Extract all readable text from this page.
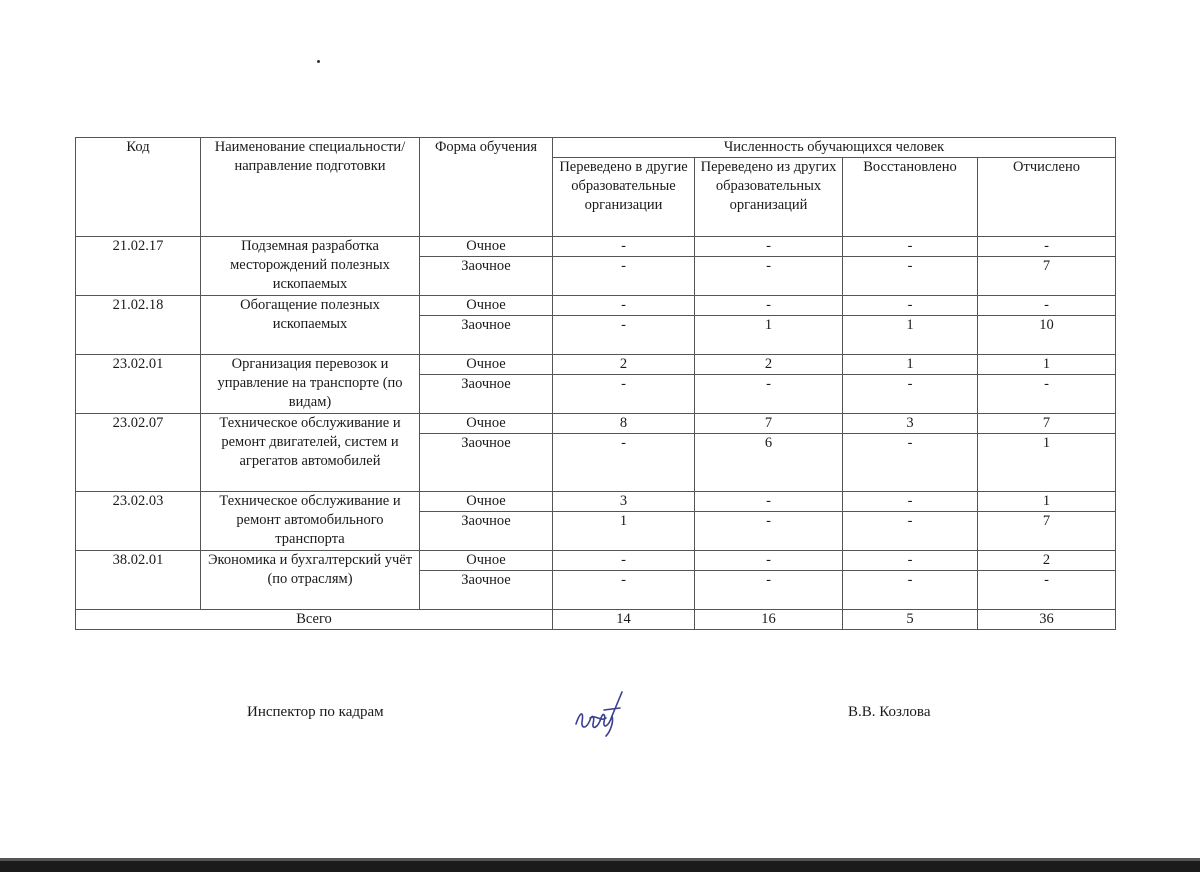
Код	Наименование специальности/направление подготовки	Форма обучения	Численность обучающихся человек			
			Переведено в другие образовательные организации	Переведено из других образовательных организаций	Восстановлено	Отчислено
21.02.17	Подземная разработка месторождений полезных ископаемых	Очное	-	-	-	-
		Заочное	-	-	-	7
21.02.18	Обогащение полезных ископаемых	Очное	-	-	-	-
		Заочное	-	1	1	10
23.02.01	Организация перевозок и управление на транспорте (по видам)	Очное	2	2	1	1
		Заочное	-	-	-	-
23.02.07	Техническое обслуживание и ремонт двигателей, систем и агрегатов автомобилей	Очное	8	7	3	7
		Заочное	-	6	-	1
23.02.03	Техническое обслуживание и ремонт автомобильного транспорта	Очное	3	-	-	1
		Заочное	1	-	-	7
38.02.01	Экономика и бухгалтерский учёт (по отраслям)	Очное	-	-	-	2
		Заочное	-	-	-	-
Всего			14	16	5	36
Инспектор по кадрам	В.В. Козлова
